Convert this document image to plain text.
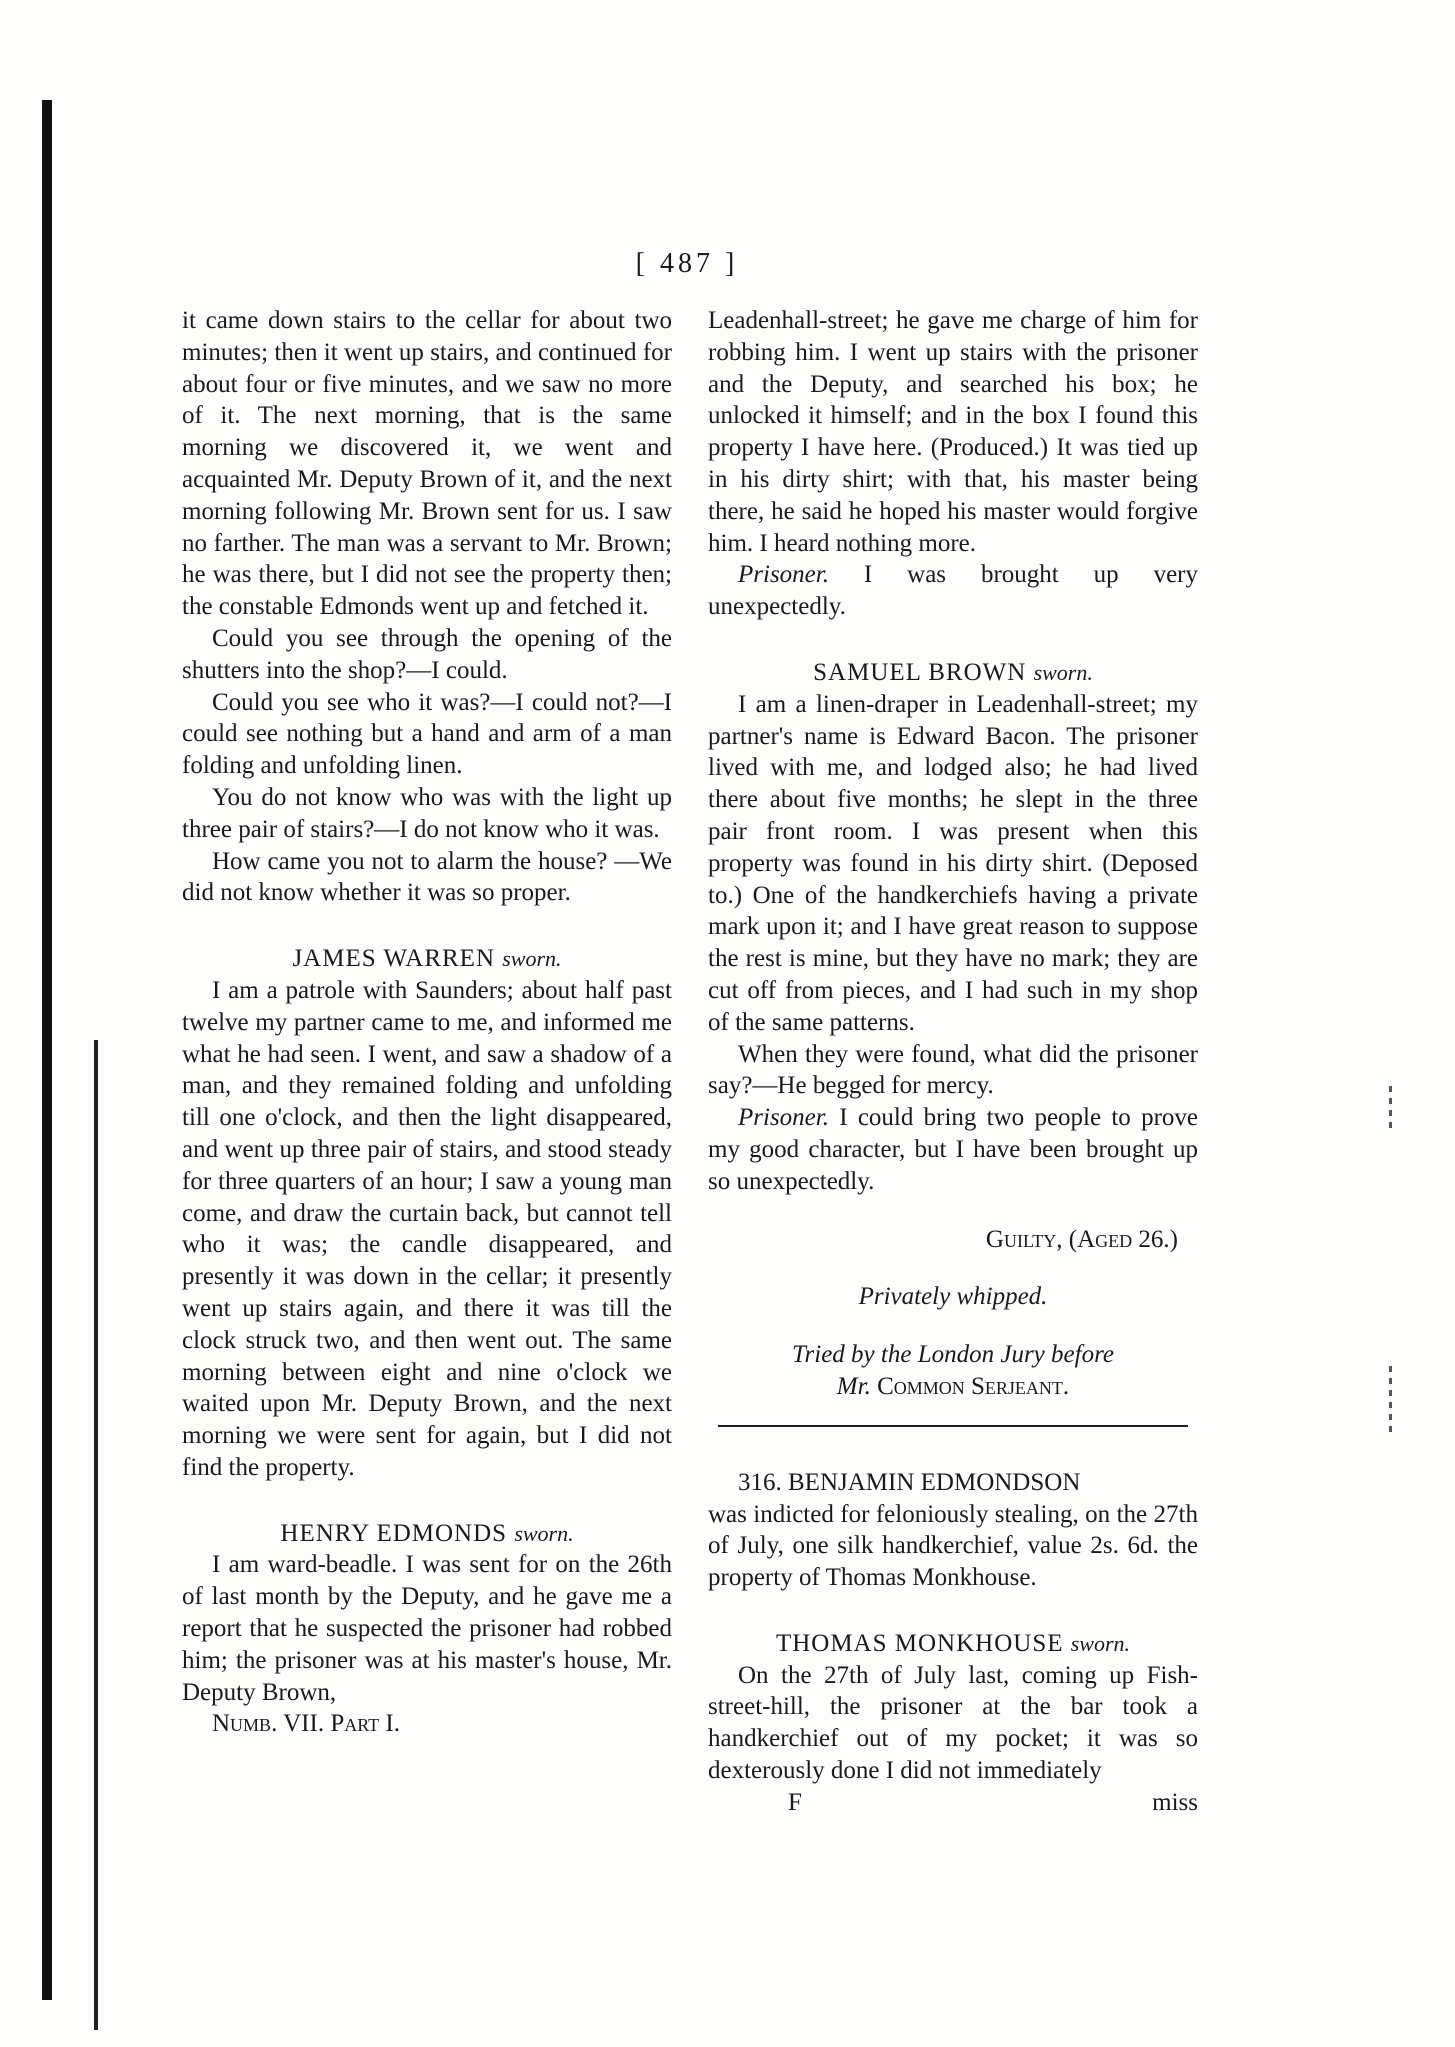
[ 487 ]

it came down stairs to the cellar for about two minutes; then it went up stairs, and continued for about four or five minutes, and we saw no more of it. The next morning, that is the same morning we discovered it, we went and acquainted Mr. Deputy Brown of it, and the next morning following Mr. Brown sent for us. I saw no farther. The man was a servant to Mr. Brown; he was there, but I did not see the property then; the constable Edmonds went up and fetched it.

Could you see through the opening of the shutters into the shop?—I could.

Could you see who it was?—I could not?—I could see nothing but a hand and arm of a man folding and unfolding linen.

You do not know who was with the light up three pair of stairs?—I do not know who it was.

How came you not to alarm the house? —We did not know whether it was so proper.

JAMES WARREN sworn.

I am a patrole with Saunders; about half past twelve my partner came to me, and informed me what he had seen. I went, and saw a shadow of a man, and they remained folding and unfolding till one o'clock, and then the light disappeared, and went up three pair of stairs, and stood steady for three quarters of an hour; I saw a young man come, and draw the curtain back, but cannot tell who it was; the candle disappeared, and presently it was down in the cellar; it presently went up stairs again, and there it was till the clock struck two, and then went out. The same morning between eight and nine o'clock we waited upon Mr. Deputy Brown, and the next morning we were sent for again, but I did not find the property.

HENRY EDMONDS sworn.

I am ward-beadle. I was sent for on the 26th of last month by the Deputy, and he gave me a report that he suspected the prisoner had robbed him; the prisoner was at his master's house, Mr. Deputy Brown,

Numb. VII. Part I.

Leadenhall-street; he gave me charge of him for robbing him. I went up stairs with the prisoner and the Deputy, and searched his box; he unlocked it himself; and in the box I found this property I have here. (Produced.) It was tied up in his dirty shirt; with that, his master being there, he said he hoped his master would forgive him. I heard nothing more.

Prisoner. I was brought up very unexpectedly.

SAMUEL BROWN sworn.

I am a linen-draper in Leadenhall-street; my partner's name is Edward Bacon. The prisoner lived with me, and lodged also; he had lived there about five months; he slept in the three pair front room. I was present when this property was found in his dirty shirt. (Deposed to.) One of the handkerchiefs having a private mark upon it; and I have great reason to suppose the rest is mine, but they have no mark; they are cut off from pieces, and I had such in my shop of the same patterns.

When they were found, what did the prisoner say?—He begged for mercy.

Prisoner. I could bring two people to prove my good character, but I have been brought up so unexpectedly.

Guilty, (Aged 26.)

Privately whipped.

Tried by the London Jury before

Mr. Common Serjeant.

316. BENJAMIN EDMONDSON

was indicted for feloniously stealing, on the 27th of July, one silk handkerchief, value 2s. 6d. the property of Thomas Monkhouse.

THOMAS MONKHOUSE sworn.

On the 27th of July last, coming up Fish-street-hill, the prisoner at the bar took a handkerchief out of my pocket; it was so dexterously done I did not immediately

F	miss
